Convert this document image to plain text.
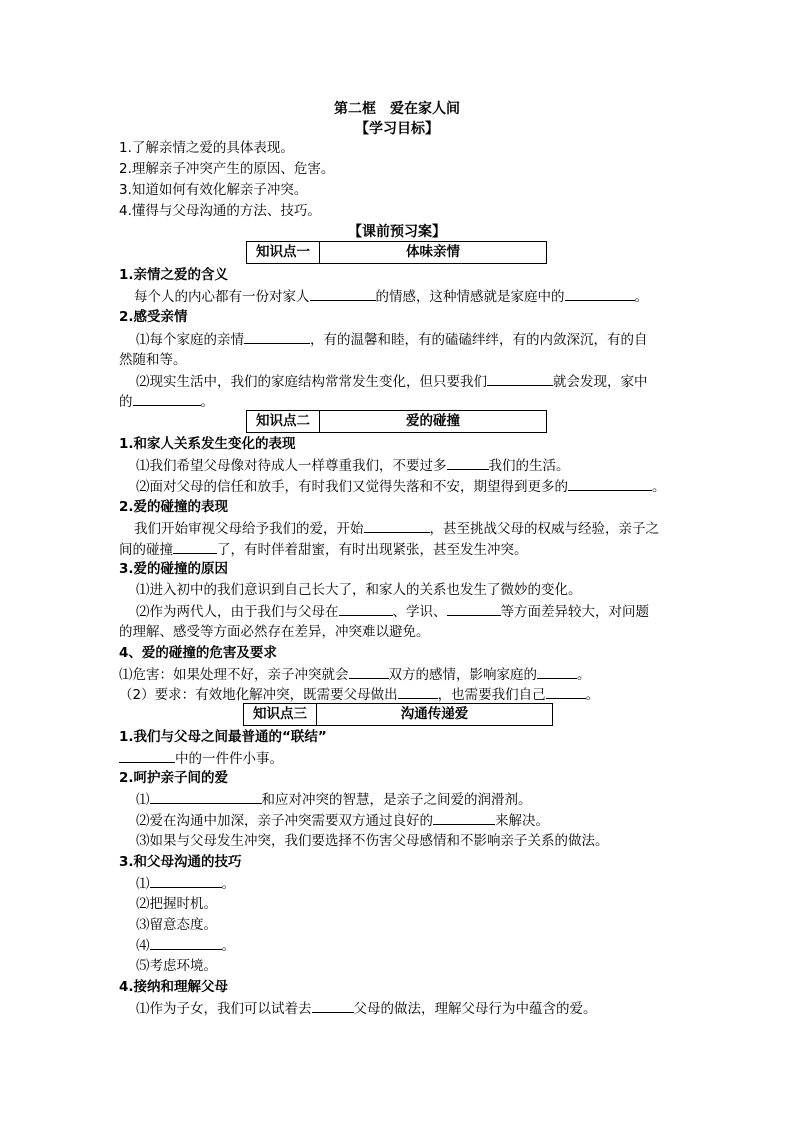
第二框　爱在家人间
【学习目标】
1.了解亲情之爱的具体表现。
2.理解亲子冲突产生的原因、危害。
3.知道如何有效化解亲子冲突。
4.懂得与父母沟通的方法、技巧。
【课前预习案】
知识点一	体味亲情
1.亲情之爱的含义
每个人的内心都有一份对家人	的情感，这种情感就是家庭中的	。
2.感受亲情
⑴每个家庭的亲情	，有的温馨和睦，有的磕磕绊绊，有的内敛深沉，有的自
然随和等。
⑵现实生活中，我们的家庭结构常常发生变化，但只要我们	就会发现，家中
的	。
知识点二	爱的碰撞
1.和家人关系发生变化的表现
⑴我们希望父母像对待成人一样尊重我们，不要过多	我们的生活。
⑵面对父母的信任和放手，有时我们又觉得失落和不安，期望得到更多的	。
2.爱的碰撞的表现
我们开始审视父母给予我们的爱，开始	，甚至挑战父母的权威与经验，亲子之
间的碰撞	了，有时伴着甜蜜，有时出现紧张，甚至发生冲突。
3.爱的碰撞的原因
⑴进入初中的我们意识到自己长大了，和家人的关系也发生了微妙的变化。
⑵作为两代人，由于我们与父母在	、学识、	等方面差异较大，对问题
的理解、感受等方面必然存在差异，冲突难以避免。
4、爱的碰撞的危害及要求
⑴危害：如果处理不好，亲子冲突就会	双方的感情，影响家庭的	。
（2）要求：有效地化解冲突，既需要父母做出	，也需要我们自己	。
知识点三	沟通传递爱
1.我们与父母之间最普通的“联结”
中的一件件小事。
2.呵护亲子间的爱
⑴	和应对冲突的智慧，是亲子之间爱的润滑剂。
⑵爱在沟通中加深，亲子冲突需要双方通过良好的	来解决。
⑶如果与父母发生冲突，我们要选择不伤害父母感情和不影响亲子关系的做法。
3.和父母沟通的技巧
⑴	。
⑵把握时机。
⑶留意态度。
⑷	。
⑸考虑环境。
4.接纳和理解父母
⑴作为子女，我们可以试着去	父母的做法，理解父母行为中蕴含的爱。
